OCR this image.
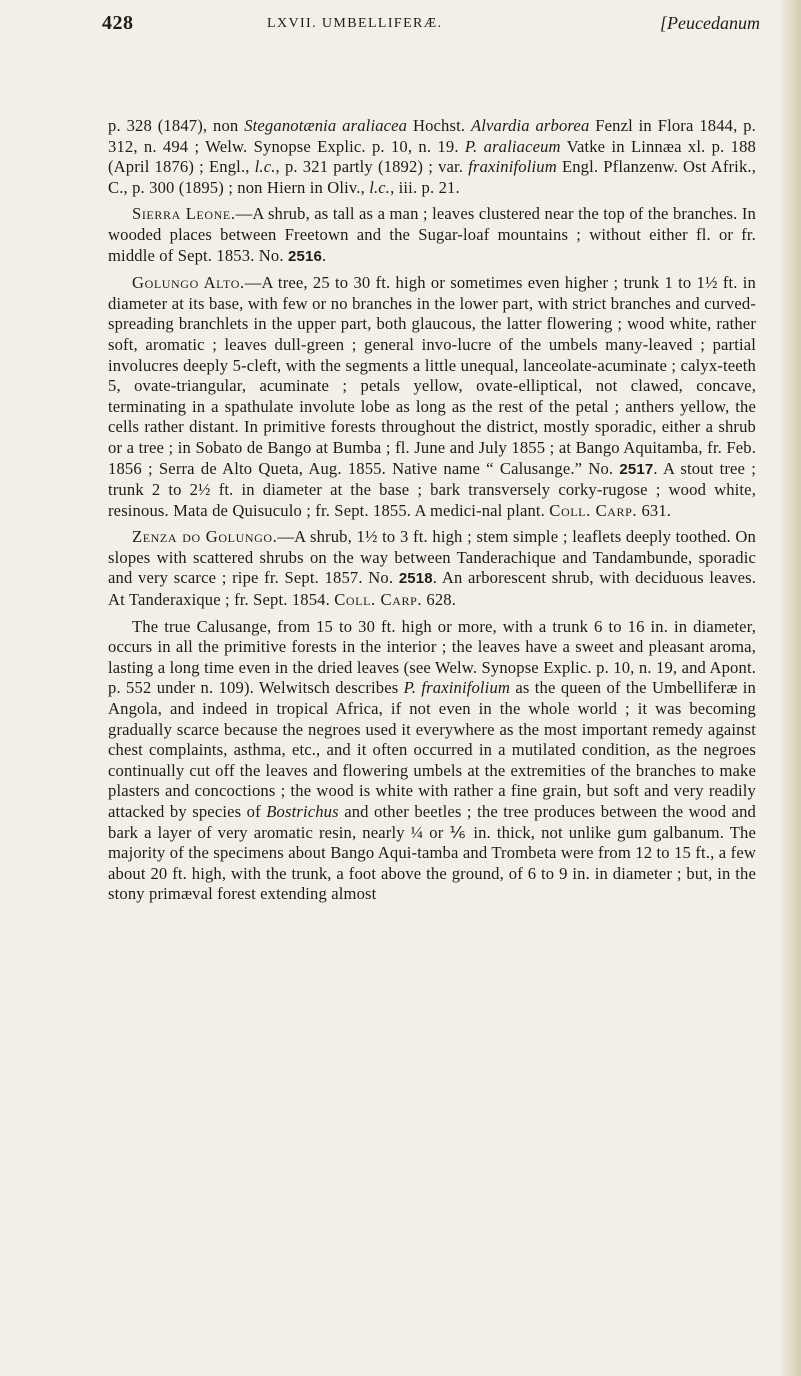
428	LXVII. UMBELLIFERÆ.	[Peucedanum

p. 328 (1847), non Steganotænia araliacea Hochst. Alvardia arborea Fenzl in Flora 1844, p. 312, n. 494 ; Welw. Synopse Explic. p. 10, n. 19. P. araliaceum Vatke in Linnæa xl. p. 188 (April 1876) ; Engl., l.c., p. 321 partly (1892) ; var. fraxinifolium Engl. Pflanzenw. Ost Afrik., C., p. 300 (1895) ; non Hiern in Oliv., l.c., iii. p. 21.

Sierra Leone.—A shrub, as tall as a man ; leaves clustered near the top of the branches. In wooded places between Freetown and the Sugar-loaf mountains ; without either fl. or fr. middle of Sept. 1853. No. 2516.

Golungo Alto.—A tree, 25 to 30 ft. high or sometimes even higher ; trunk 1 to 1½ ft. in diameter at its base, with few or no branches in the lower part, with strict branches and curved-spreading branchlets in the upper part, both glaucous, the latter flowering ; wood white, rather soft, aromatic ; leaves dull-green ; general invo-lucre of the umbels many-leaved ; partial involucres deeply 5-cleft, with the segments a little unequal, lanceolate-acuminate ; calyx-teeth 5, ovate-triangular, acuminate ; petals yellow, ovate-elliptical, not clawed, concave, terminating in a spathulate involute lobe as long as the rest of the petal ; anthers yellow, the cells rather distant. In primitive forests throughout the district, mostly sporadic, either a shrub or a tree ; in Sobato de Bango at Bumba ; fl. June and July 1855 ; at Bango Aquitamba, fr. Feb. 1856 ; Serra de Alto Queta, Aug. 1855. Native name “ Calusange.” No. 2517. A stout tree ; trunk 2 to 2½ ft. in diameter at the base ; bark transversely corky-rugose ; wood white, resinous. Mata de Quisuculo ; fr. Sept. 1855. A medici-nal plant. Coll. Carp. 631.

Zenza do Golungo.—A shrub, 1½ to 3 ft. high ; stem simple ; leaflets deeply toothed. On slopes with scattered shrubs on the way between Tanderachique and Tandambunde, sporadic and very scarce ; ripe fr. Sept. 1857. No. 2518. An arborescent shrub, with deciduous leaves. At Tanderaxique ; fr. Sept. 1854. Coll. Carp. 628.

The true Calusange, from 15 to 30 ft. high or more, with a trunk 6 to 16 in. in diameter, occurs in all the primitive forests in the interior ; the leaves have a sweet and pleasant aroma, lasting a long time even in the dried leaves (see Welw. Synopse Explic. p. 10, n. 19, and Apont. p. 552 under n. 109). Welwitsch describes P. fraxinifolium as the queen of the Umbelliferæ in Angola, and indeed in tropical Africa, if not even in the whole world ; it was becoming gradually scarce because the negroes used it everywhere as the most important remedy against chest complaints, asthma, etc., and it often occurred in a mutilated condition, as the negroes continually cut off the leaves and flowering umbels at the extremities of the branches to make plasters and concoctions ; the wood is white with rather a fine grain, but soft and very readily attacked by species of Bostrichus and other beetles ; the tree produces between the wood and bark a layer of very aromatic resin, nearly ¼ or ⅙ in. thick, not unlike gum galbanum. The majority of the specimens about Bango Aqui-tamba and Trombeta were from 12 to 15 ft., a few about 20 ft. high, with the trunk, a foot above the ground, of 6 to 9 in. in diameter ; but, in the stony primæval forest extending almost
